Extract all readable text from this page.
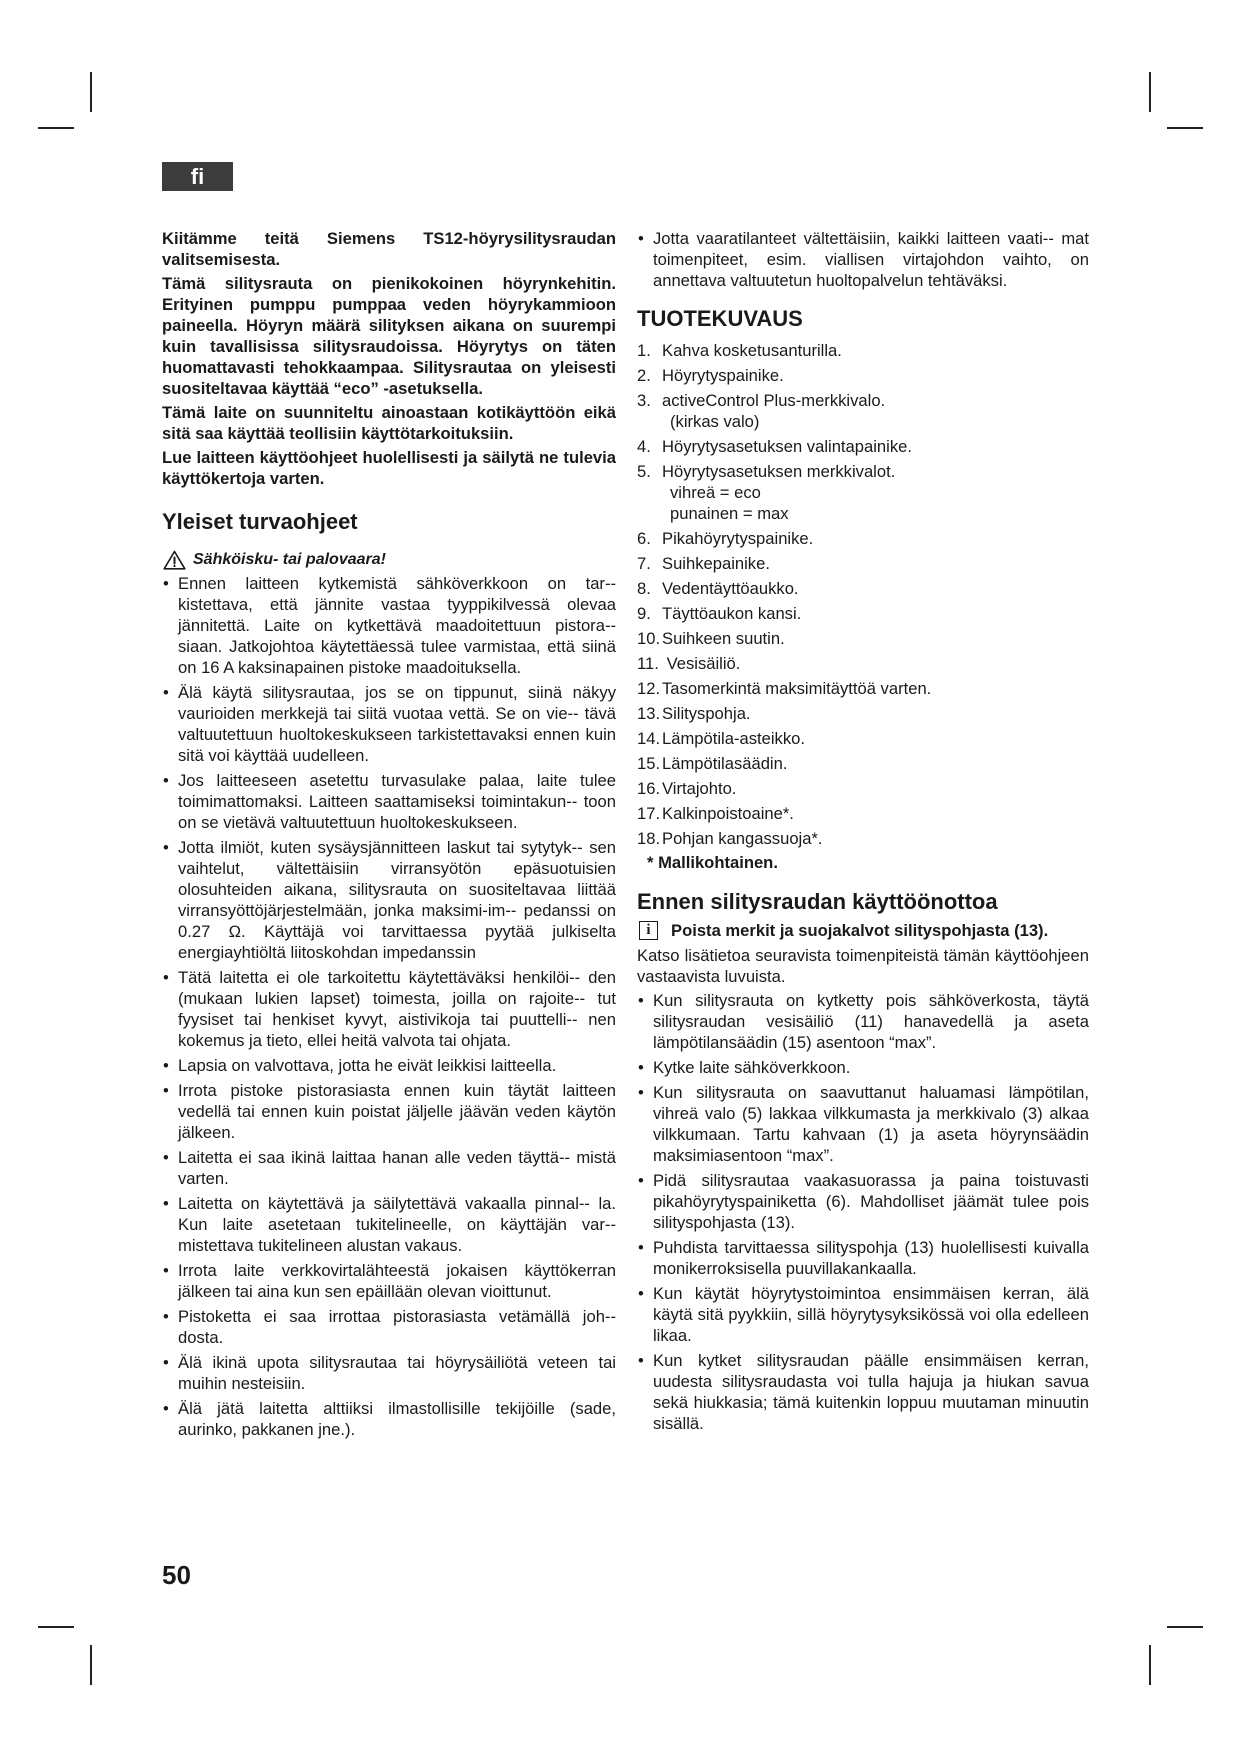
fi

Kiitämme teitä Siemens TS12-höyrysilitysraudan valitsemisesta.

Tämä silitysrauta on pienikokoinen höyrynkehitin. Erityinen pumppu pumppaa veden höyrykammioon paineella. Höyryn määrä silityksen aikana on suurempi kuin tavallisissa silitysraudoissa. Höyrytys on täten huomattavasti tehokkaampaa. Silitysrautaa on yleisesti suositeltavaa käyttää “eco” -asetuksella.

Tämä laite on suunniteltu ainoastaan kotikäyttöön eikä sitä saa käyttää teollisiin käyttötarkoituksiin.

Lue laitteen käyttöohjeet huolellisesti ja säilytä ne tulevia käyttökertoja varten.

Yleiset turvaohjeet
Sähköisku- tai palovaara!
• Ennen laitteen kytkemistä sähköverkkoon on tar-- kistettava, että jännite vastaa tyyppikilvessä olevaa jännitettä. Laite on kytkettävä maadoitettuun pistora-- siaan. Jatkojohtoa käytettäessä tulee varmistaa, että siinä on 16 A kaksinapainen pistoke maadoituksella.
• Älä käytä silitysrautaa, jos se on tippunut, siinä näkyy vaurioiden merkkejä tai siitä vuotaa vettä. Se on vie-- tävä valtuutettuun huoltokeskukseen tarkistettavaksi ennen kuin sitä voi käyttää uudelleen.
• Jos laitteeseen asetettu turvasulake palaa, laite tulee toimimattomaksi. Laitteen saattamiseksi toimintakun-- toon on se vietävä valtuutettuun huoltokeskukseen.
• Jotta ilmiöt, kuten sysäysjännitteen laskut tai sytytyk-- sen vaihtelut, vältettäisiin virransyötön epäsuotuisien olosuhteiden aikana, silitysrauta on suositeltavaa liittää virransyöttöjärjestelmään, jonka maksimi-im-- pedanssi on 0.27 Ω. Käyttäjä voi tarvittaessa pyytää julkiselta energiayhtiöltä liitoskohdan impedanssin
• Tätä laitetta ei ole tarkoitettu käytettäväksi henkilöi-- den (mukaan lukien lapset) toimesta, joilla on rajoite-- tut fyysiset tai henkiset kyvyt, aistivikoja tai puuttelli-- nen kokemus ja tieto, ellei heitä valvota tai ohjata.
• Lapsia on valvottava, jotta he eivät leikkisi laitteella.
• Irrota pistoke pistorasiasta ennen kuin täytät laitteen vedellä tai ennen kuin poistat jäljelle jäävän veden käytön jälkeen.
• Laitetta ei saa ikinä laittaa hanan alle veden täyttä-- mistä varten.
• Laitetta on käytettävä ja säilytettävä vakaalla pinnal-- la. Kun laite asetetaan tukitelineelle, on käyttäjän var-- mistettava tukitelineen alustan vakaus.
• Irrota laite verkkovirtalähteestä jokaisen käyttökerran jälkeen tai aina kun sen epäillään olevan vioittunut.
• Pistoketta ei saa irrottaa pistorasiasta vetämällä joh-- dosta.
• Älä ikinä upota silitysrautaa tai höyrysäiliötä veteen tai muihin nesteisiin.
• Älä jätä laitetta alttiiksi ilmastollisille tekijöille (sade, aurinko, pakkanen jne.).
• Jotta vaaratilanteet vältettäisiin, kaikki laitteen vaati-- mat toimenpiteet, esim. viallisen virtajohdon vaihto, on annettava valtuutetun huoltopalvelun tehtäväksi.
TUOTEKUVAUS
1. Kahva kosketusanturilla.
2. Höyrytyspainike.
3. activeControl Plus-merkkivalo.
(kirkas valo)
4. Höyrytysasetuksen valintapainike.
5. Höyrytysasetuksen merkkivalot.
vihreä = eco
punainen = max
6. Pikahöyrytyspainike.
7. Suihkepainike.
8. Vedentäyttöaukko.
9. Täyttöaukon kansi.
10. Suihkeen suutin.
11. Vesisäiliö.
12. Tasomerkintä maksimitäyttöä varten.
13. Silityspohja.
14. Lämpötila-asteikko.
15. Lämpötilasäädin.
16. Virtajohto.
17. Kalkinpoistoaine*.
18. Pohjan kangassuoja*.
* Mallikohtainen.
Ennen silitysraudan käyttöönottoa
i	Poista merkit ja suojakalvot silityspohjasta (13).

Katso lisätietoa seuravista toimenpiteistä tämän käyttöohjeen vastaavista luvuista.

• Kun silitysrauta on kytketty pois sähköverkosta, täytä silitysraudan vesisäiliö (11) hanavedellä ja aseta lämpötilansäädin (15) asentoon “max”.
• Kytke laite sähköverkkoon.
• Kun silitysrauta on saavuttanut haluamasi lämpötilan, vihreä valo (5) lakkaa vilkkumasta ja merkkivalo (3) alkaa vilkkumaan. Tartu kahvaan (1) ja aseta höyrynsäädin maksimiasentoon “max”.
• Pidä silitysrautaa vaakasuorassa ja paina toistuvasti pikahöyrytyspainiketta (6). Mahdolliset jäämät tulee pois silityspohjasta (13).
• Puhdista tarvittaessa silityspohja (13) huolellisesti kuivalla monikerroksisella puuvillakankaalla.
• Kun käytät höyrytystoimintoa ensimmäisen kerran, älä käytä sitä pyykkiin, sillä höyrytysyksikössä voi olla edelleen likaa.
• Kun kytket silitysraudan päälle ensimmäisen kerran, uudesta silitysraudasta voi tulla hajuja ja hiukan savua sekä hiukkasia; tämä kuitenkin loppuu muutaman minuutin sisällä.
50
